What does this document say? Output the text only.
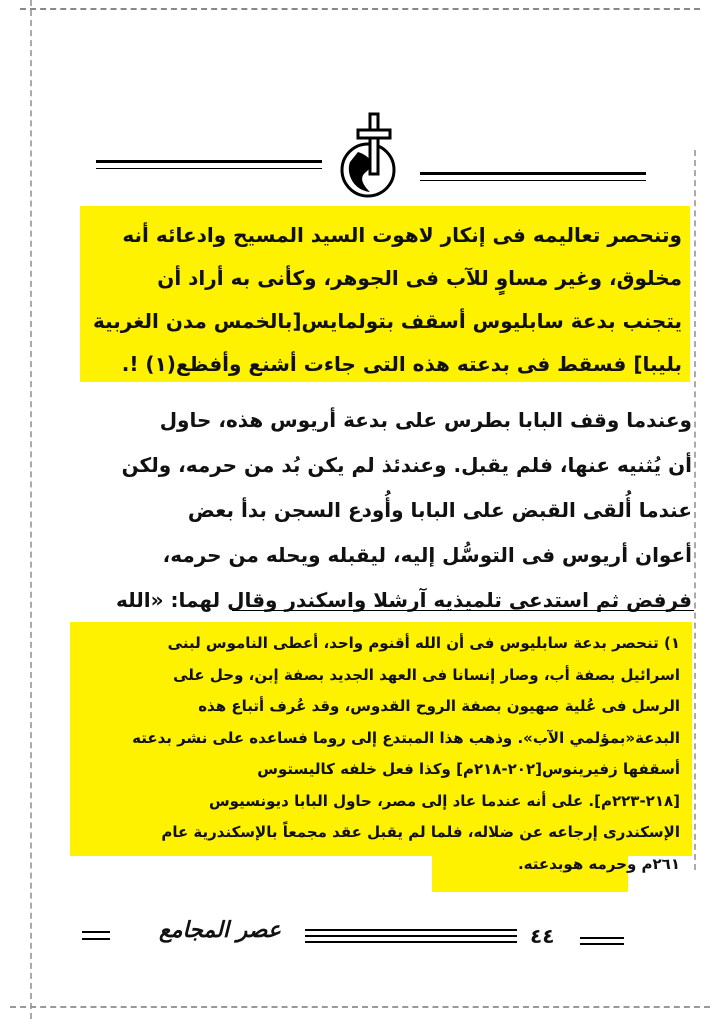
وتنحصر تعاليمه فى إنكار لاهوت السيد المسيح وادعائه أنه

مخلوق، وغير مساوٍ للآب فى الجوهر، وكأنى به أراد أن

يتجنب بدعة سابليوس أسقف بتولمايس[بالخمس مدن الغربية

بليبا] فسقط فى بدعته هذه التى جاءت أشنع وأفظع(١) !.

وعندما وقف البابا بطرس على بدعة أريوس هذه، حاول

أن يُثنيه عنها، فلم يقبل. وعندئذ لم يكن بُد من حرمه، ولكن

عندما أُلقى القبض على البابا وأُودع السجن بدأ بعض

أعوان أريوس فى التوسُّل إليه، ليقبله ويحله من حرمه،

فرفض ثم استدعى تلميذيه آرشلا واسكندر وقال لهما: «الله

١) تنحصر بدعة سابليوس فى أن الله أقنوم واحد، أعطى الناموس لبنى

اسرائيل بصفة أب، وصار إنسانا فى العهد الجديد بصفة إبن، وحل على

الرسل فى عُلية صهيون بصفة الروح القدوس، وقد عُرف أتباع هذه

البدعة«بمؤلمي الآب». وذهب هذا المبتدع إلى روما فساعده على نشر بدعته

أسقفها زفيرينوس[٢٠٢-٢١٨م] وكذا فعل خلفه كاليستوس

[٢١٨-٢٢٣م]. على أنه عندما عاد إلى مصر، حاول البابا ديونسيوس

الإسكندرى إرجاعه عن ضلاله، فلما لم يقبل عقد مجمعاً بالإسكندرية عام

٢٦١م وحرمه هوبدعته.

عصر المجامع	٤٤
